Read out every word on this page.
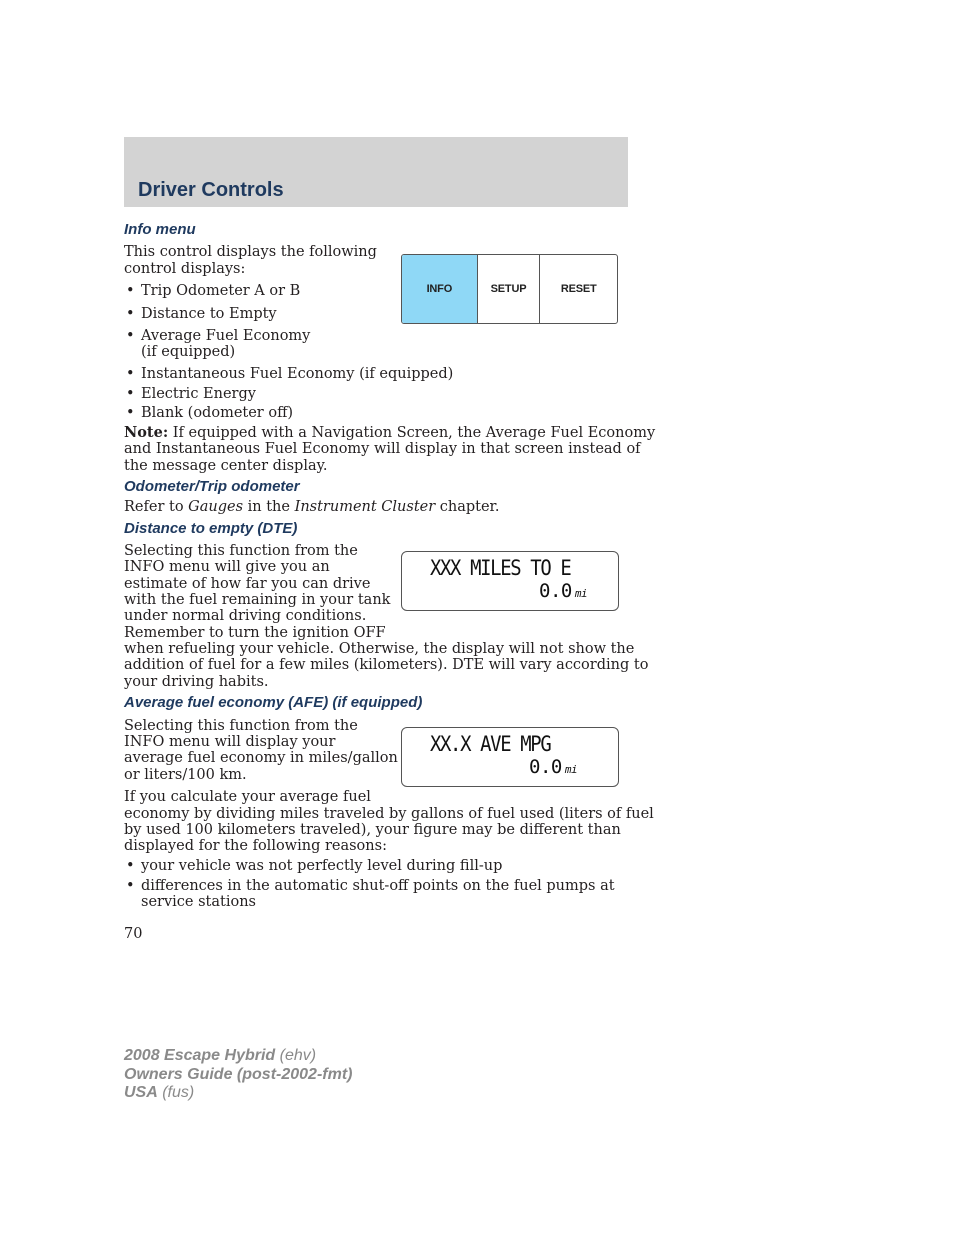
Driver Controls
Info menu
This control displays the following
control displays:
• Trip Odometer A or B
• Distance to Empty
• Average Fuel Economy
(if equipped)
• Instantaneous Fuel Economy (if equipped)
• Electric Energy
• Blank (odometer off)
Note: If equipped with a Navigation Screen, the Average Fuel Economy
and Instantaneous Fuel Economy will display in that screen instead of
the message center display.
INFO	SETUP	RESET
Odometer/Trip odometer
Refer to Gauges in the Instrument Cluster chapter.
Distance to empty (DTE)
Selecting this function from the
INFO menu will give you an
estimate of how far you can drive
with the fuel remaining in your tank
under normal driving conditions.
Remember to turn the ignition OFF
when refueling your vehicle. Otherwise, the display will not show the
addition of fuel for a few miles (kilometers). DTE will vary according to
your driving habits.
XXX MILES TO E
0.0 mi
Average fuel economy (AFE) (if equipped)
Selecting this function from the
INFO menu will display your
average fuel economy in miles/gallon
or liters/100 km.
If you calculate your average fuel
economy by dividing miles traveled by gallons of fuel used (liters of fuel
by used 100 kilometers traveled), your figure may be different than
displayed for the following reasons:
• your vehicle was not perfectly level during fill-up
• differences in the automatic shut-off points on the fuel pumps at
service stations
XX.X AVE MPG
0.0 mi
70
2008 Escape Hybrid (ehv)
Owners Guide (post-2002-fmt)
USA (fus)
